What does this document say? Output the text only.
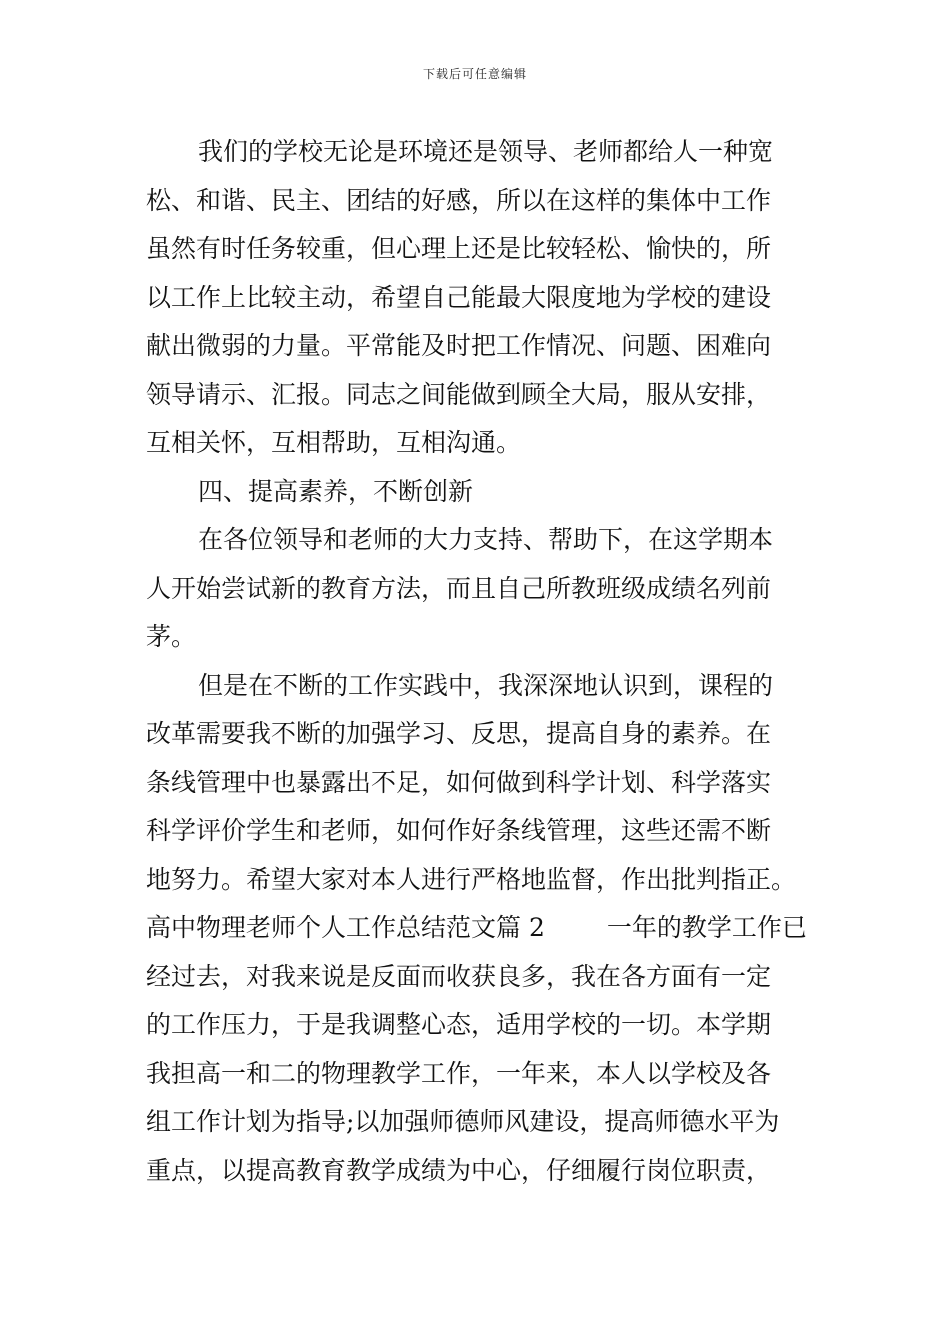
下载后可任意编辑
我们的学校无论是环境还是领导、老师都给人一种宽
松、和谐、民主、团结的好感，所以在这样的集体中工作
虽然有时任务较重，但心理上还是比较轻松、愉快的，所
以工作上比较主动，希望自己能最大限度地为学校的建设
献出微弱的力量。平常能及时把工作情况、问题、困难向
领导请示、汇报。同志之间能做到顾全大局，服从安排，
互相关怀，互相帮助，互相沟通。
四、提高素养，不断创新
在各位领导和老师的大力支持、帮助下，在这学期本
人开始尝试新的教育方法，而且自己所教班级成绩名列前
茅。
但是在不断的工作实践中，我深深地认识到，课程的
改革需要我不断的加强学习、反思，提高自身的素养。在
条线管理中也暴露出不足，如何做到科学计划、科学落实
科学评价学生和老师，如何作好条线管理，这些还需不断
地努力。希望大家对本人进行严格地监督，作出批判指正。
高中物理老师个人工作总结范文篇 2 一年的教学工作已
经过去，对我来说是反面而收获良多，我在各方面有一定
的工作压力，于是我调整心态，适用学校的一切。本学期
我担高一和二的物理教学工作，一年来，本人以学校及各
组工作计划为指导;以加强师德师风建设，提高师德水平为
重点，以提高教育教学成绩为中心，仔细履行岗位职责，
